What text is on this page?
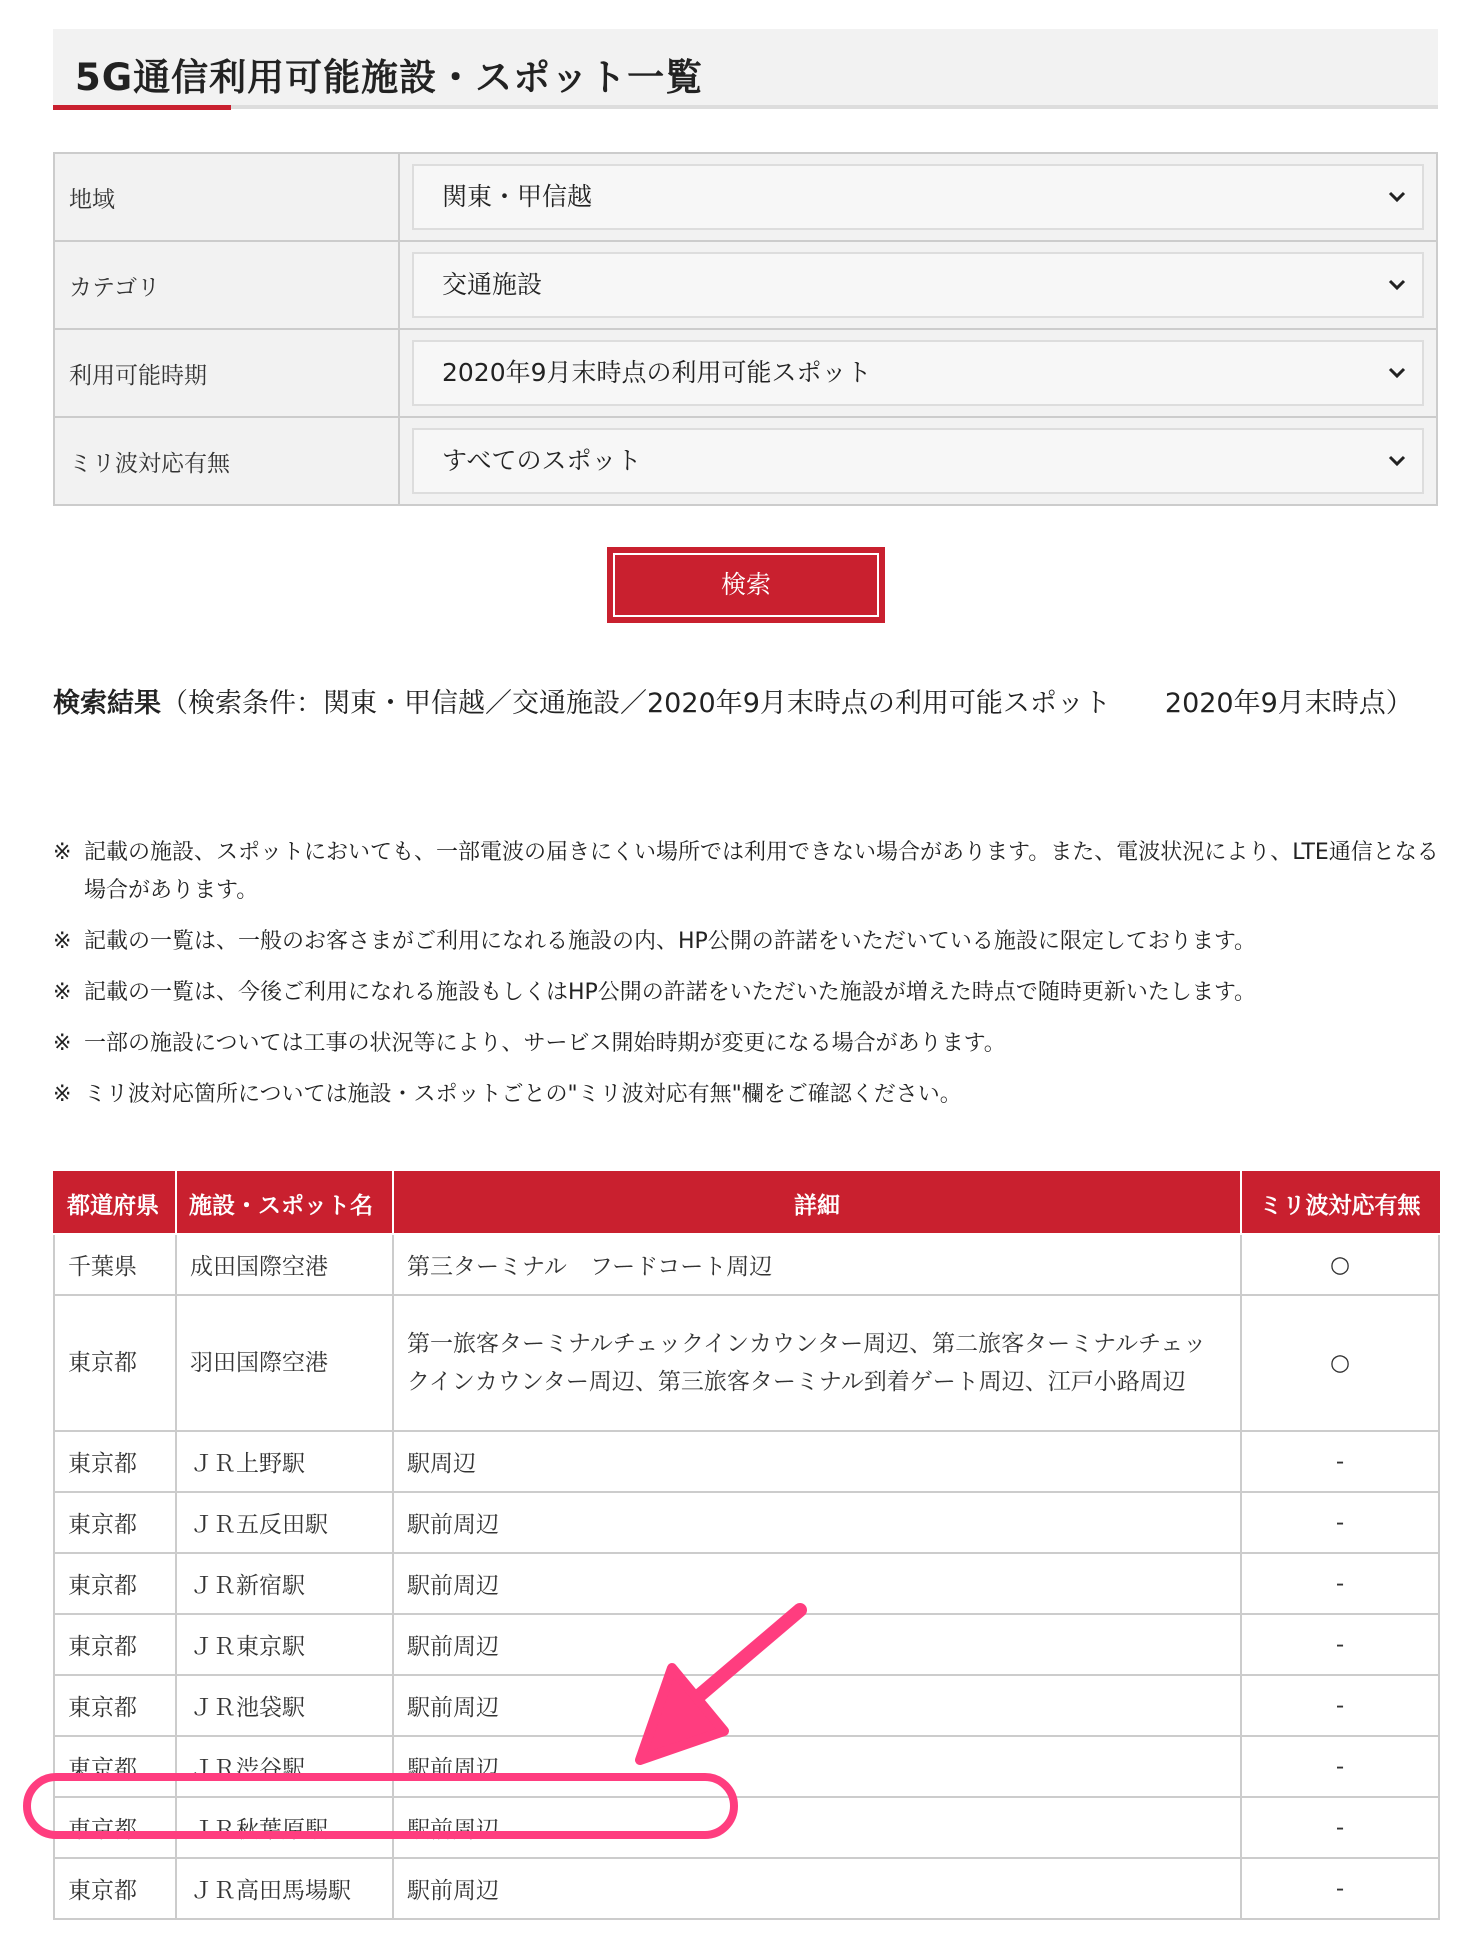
5G通信利用可能施設・スポット一覧
地域	関東・甲信越

カテゴリ	交通施設

利用可能時期	2020年9月末時点の利用可能スポット

ミリ波対応有無	すべてのスポット
検索
検索結果（検索条件：関東・甲信越／交通施設／2020年9月末時点の利用可能スポット　　2020年9月末時点）
※ 記載の施設、スポットにおいても、一部電波の届きにくい場所では利用できない場合があります。また、電波状況により、LTE通信となる場合があります。
※ 記載の一覧は、一般のお客さまがご利用になれる施設の内、HP公開の許諾をいただいている施設に限定しております。
※ 記載の一覧は、今後ご利用になれる施設もしくはHP公開の許諾をいただいた施設が増えた時点で随時更新いたします。
※ 一部の施設については工事の状況等により、サービス開始時期が変更になる場合があります。
※ ミリ波対応箇所については施設・スポットごとの"ミリ波対応有無"欄をご確認ください。
都道府県	施設・スポット名	詳細	ミリ波対応有無
千葉県	成田国際空港	第三ターミナル　フードコート周辺	○
東京都	羽田国際空港	第一旅客ターミナルチェックインカウンター周辺、第二旅客ターミナルチェックインカウンター周辺、第三旅客ターミナル到着ゲート周辺、江戸小路周辺	○
東京都	ＪＲ上野駅	駅周辺	-
東京都	ＪＲ五反田駅	駅前周辺	-
東京都	ＪＲ新宿駅	駅前周辺	-
東京都	ＪＲ東京駅	駅前周辺	-
東京都	ＪＲ池袋駅	駅前周辺	-
東京都	ＪＲ渋谷駅	駅前周辺	-
東京都	ＪＲ秋葉原駅	駅前周辺	-
東京都	ＪＲ高田馬場駅	駅前周辺	-
